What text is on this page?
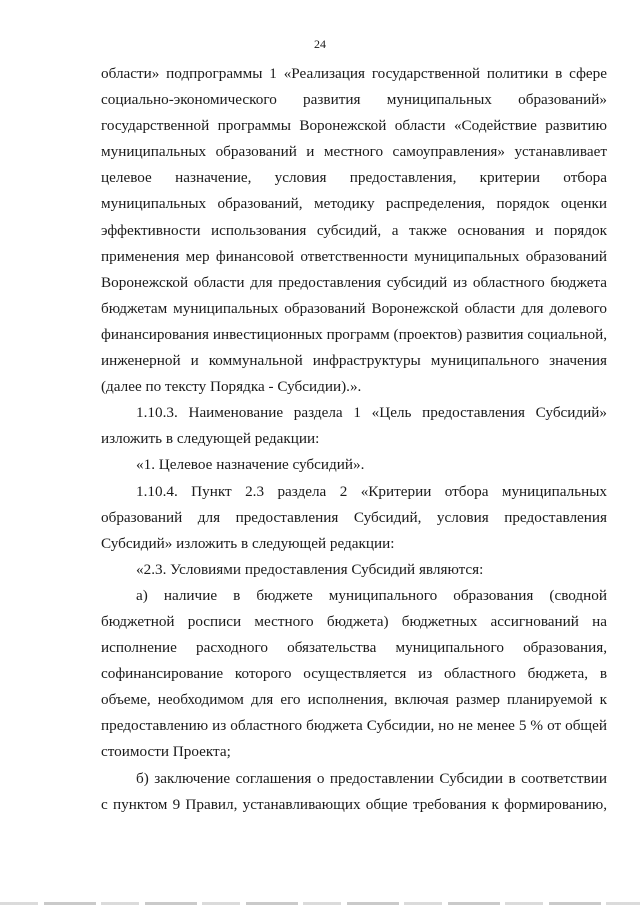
24
области» подпрограммы 1 «Реализация государственной политики в сфере
социально-экономического развития муниципальных образований»
государственной программы Воронежской области «Содействие развитию
муниципальных образований и местного самоуправления» устанавливает
целевое назначение, условия предоставления, критерии отбора
муниципальных образований, методику распределения, порядок оценки
эффективности использования субсидий, а также основания и порядок
применения мер финансовой ответственности муниципальных образований
Воронежской области для предоставления субсидий из областного бюджета
бюджетам муниципальных образований Воронежской области для долевого
финансирования инвестиционных программ (проектов) развития социальной,
инженерной и коммунальной инфраструктуры муниципального значения
(далее по тексту Порядка - Субсидии).».
1.10.3. Наименование раздела 1 «Цель предоставления Субсидий»
изложить в следующей редакции:
«1. Целевое назначение субсидий».
1.10.4. Пункт 2.3 раздела 2 «Критерии отбора муниципальных
образований для предоставления Субсидий, условия предоставления
Субсидий» изложить в следующей редакции:
«2.3. Условиями предоставления Субсидий являются:
а) наличие в бюджете муниципального образования (сводной
бюджетной росписи местного бюджета) бюджетных ассигнований на
исполнение расходного обязательства муниципального образования,
софинансирование которого осуществляется из областного бюджета, в
объеме, необходимом для его исполнения, включая размер планируемой к
предоставлению из областного бюджета Субсидии, но не менее 5 % от общей
стоимости Проекта;
б) заключение соглашения о предоставлении Субсидии в соответствии
с пунктом 9 Правил, устанавливающих общие требования к формированию,
